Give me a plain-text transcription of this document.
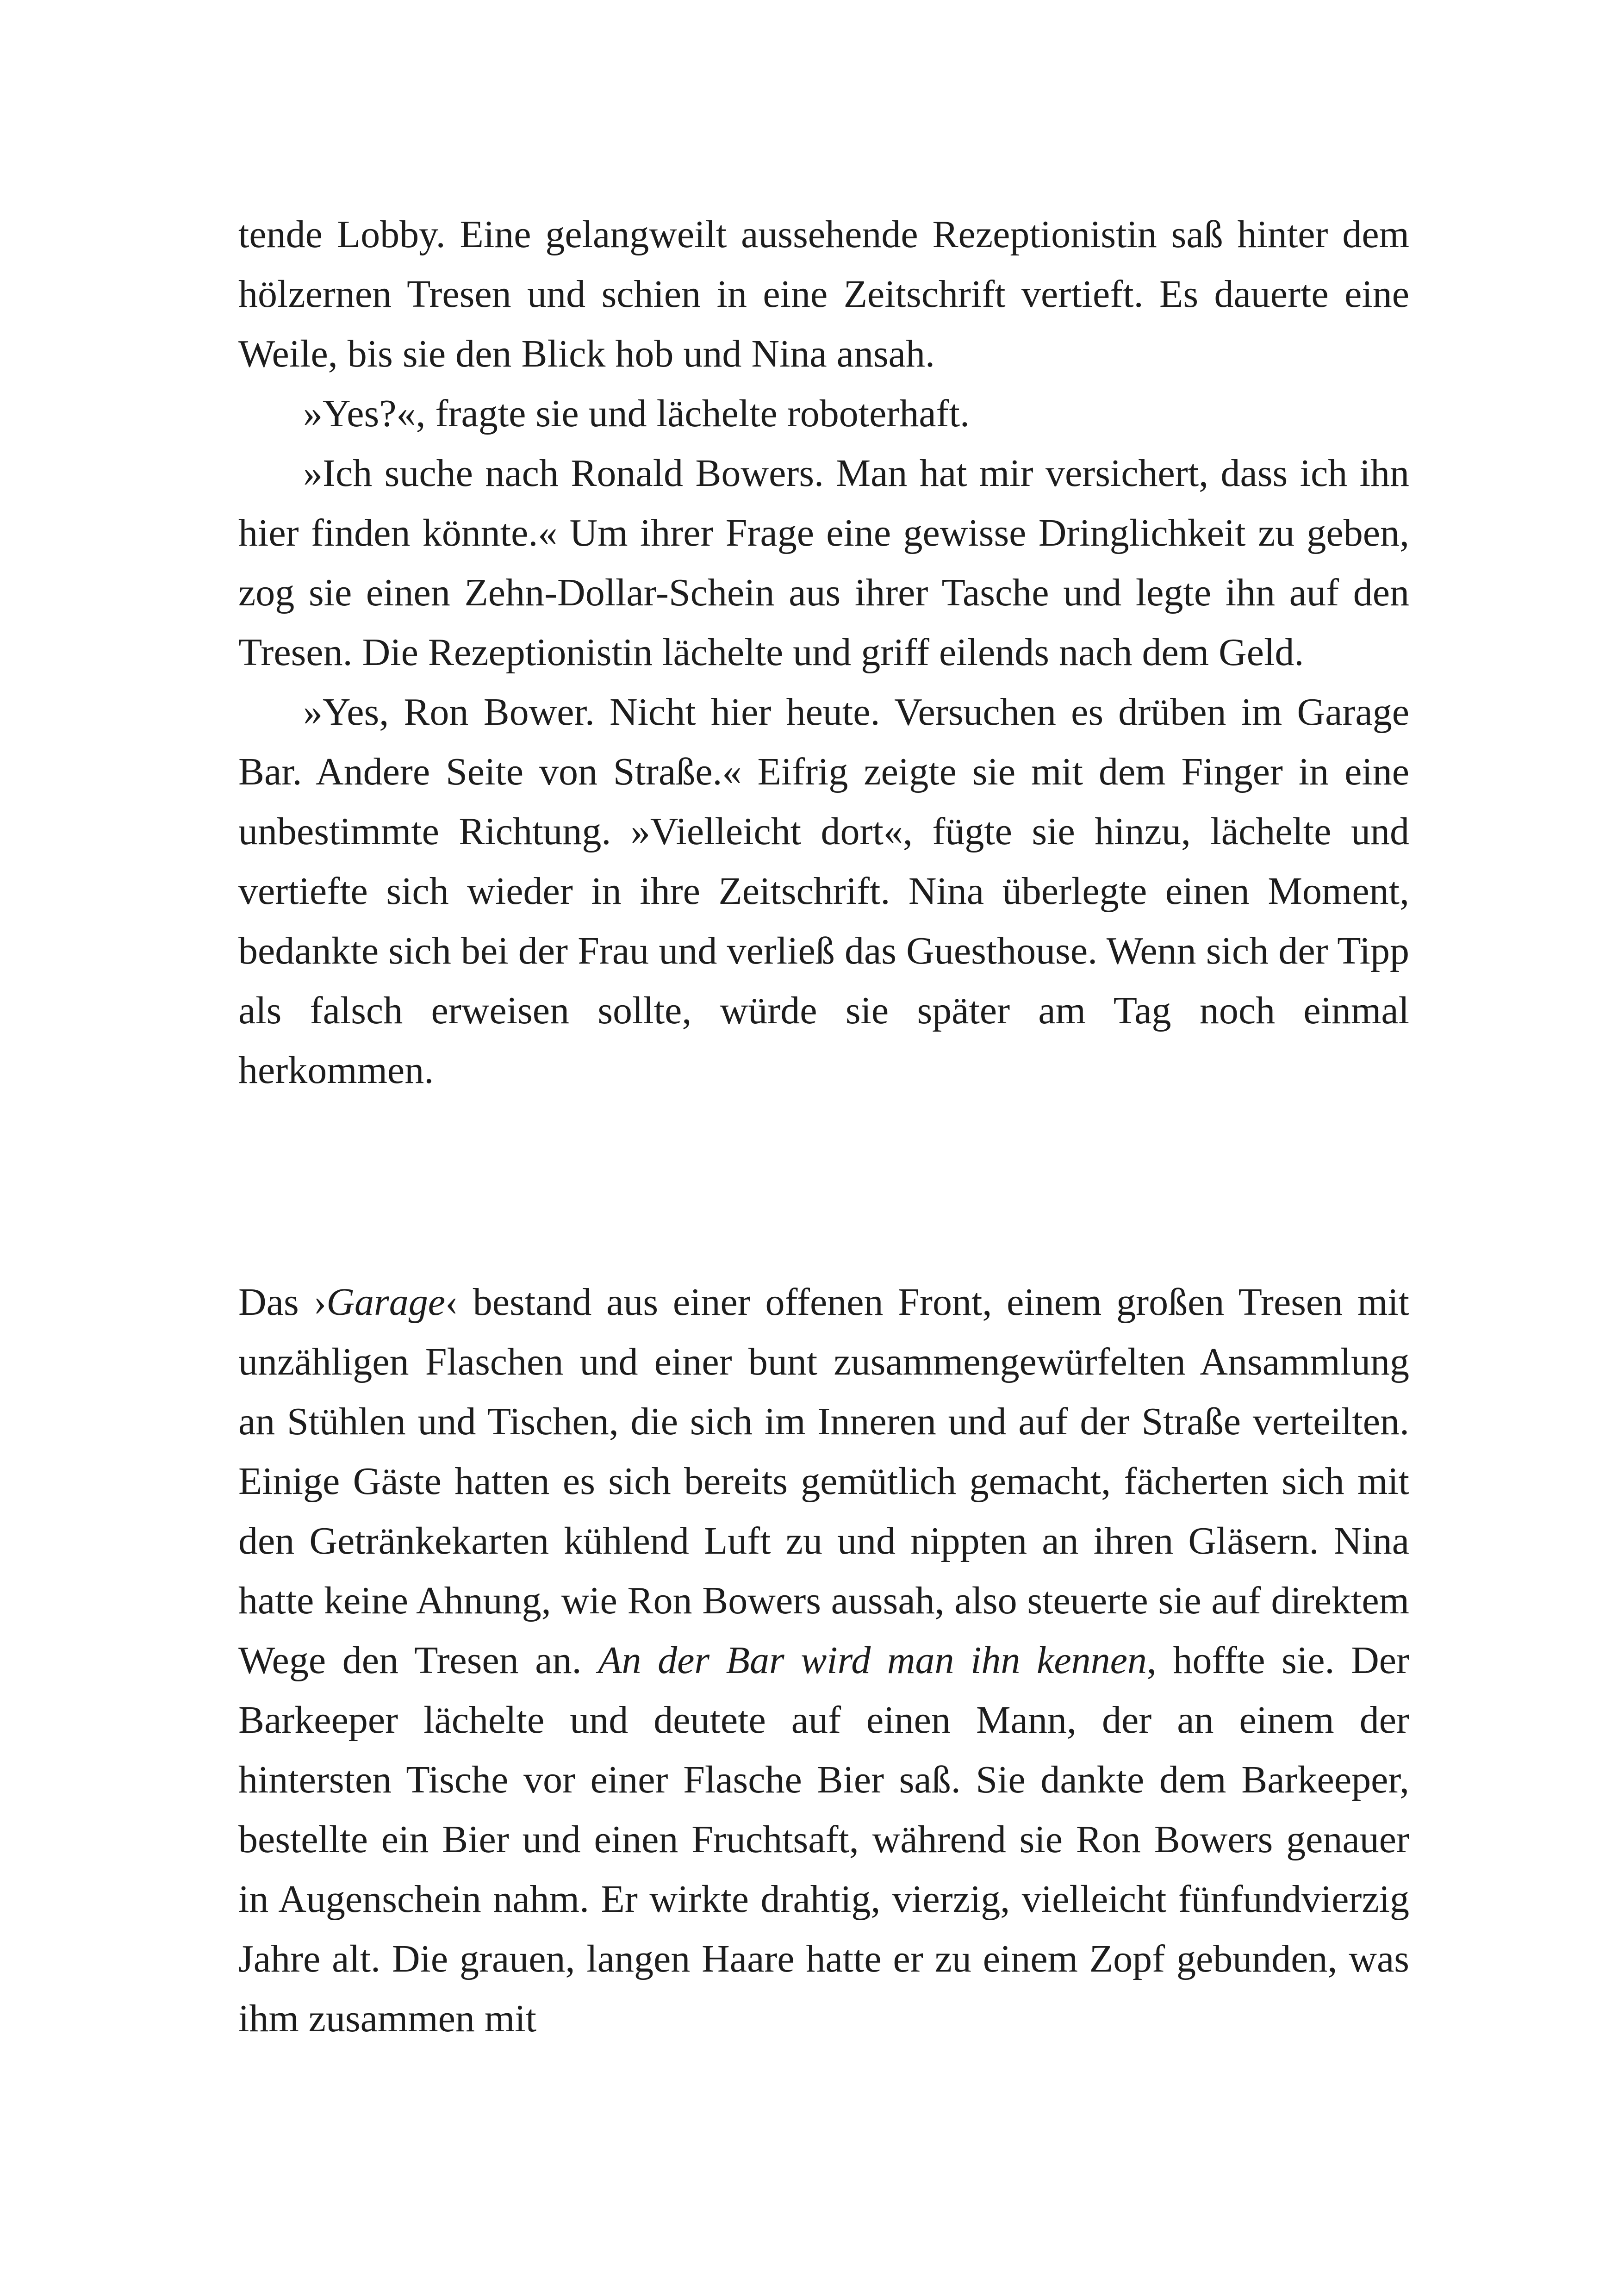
tende Lobby. Eine gelangweilt aussehende Rezeptionistin saß hinter dem hölzernen Tresen und schien in eine Zeitschrift vertieft. Es dauerte eine Weile, bis sie den Blick hob und Nina ansah.

»Yes?«, fragte sie und lächelte roboterhaft.

»Ich suche nach Ronald Bowers. Man hat mir versichert, dass ich ihn hier finden könnte.« Um ihrer Frage eine gewisse Dringlichkeit zu geben, zog sie einen Zehn-Dollar-Schein aus ihrer Tasche und legte ihn auf den Tresen. Die Rezeptionistin lächelte und griff eilends nach dem Geld.

»Yes, Ron Bower. Nicht hier heute. Versuchen es drüben im Garage Bar. Andere Seite von Straße.« Eifrig zeigte sie mit dem Finger in eine unbestimmte Richtung. »Vielleicht dort«, fügte sie hinzu, lächelte und vertiefte sich wieder in ihre Zeitschrift. Nina überlegte einen Moment, bedankte sich bei der Frau und verließ das Guesthouse. Wenn sich der Tipp als falsch erweisen sollte, würde sie später am Tag noch einmal herkommen.

Das ›Garage‹ bestand aus einer offenen Front, einem großen Tresen mit unzähligen Flaschen und einer bunt zusammengewürfelten Ansammlung an Stühlen und Tischen, die sich im Inneren und auf der Straße verteilten. Einige Gäste hatten es sich bereits gemütlich gemacht, fächerten sich mit den Getränkekarten kühlend Luft zu und nippten an ihren Gläsern. Nina hatte keine Ahnung, wie Ron Bowers aussah, also steuerte sie auf direktem Wege den Tresen an. An der Bar wird man ihn kennen, hoffte sie. Der Barkeeper lächelte und deutete auf einen Mann, der an einem der hintersten Tische vor einer Flasche Bier saß. Sie dankte dem Barkeeper, bestellte ein Bier und einen Fruchtsaft, während sie Ron Bowers genauer in Augenschein nahm. Er wirkte drahtig, vierzig, vielleicht fünfundvierzig Jahre alt. Die grauen, langen Haare hatte er zu einem Zopf gebunden, was ihm zusammen mit
